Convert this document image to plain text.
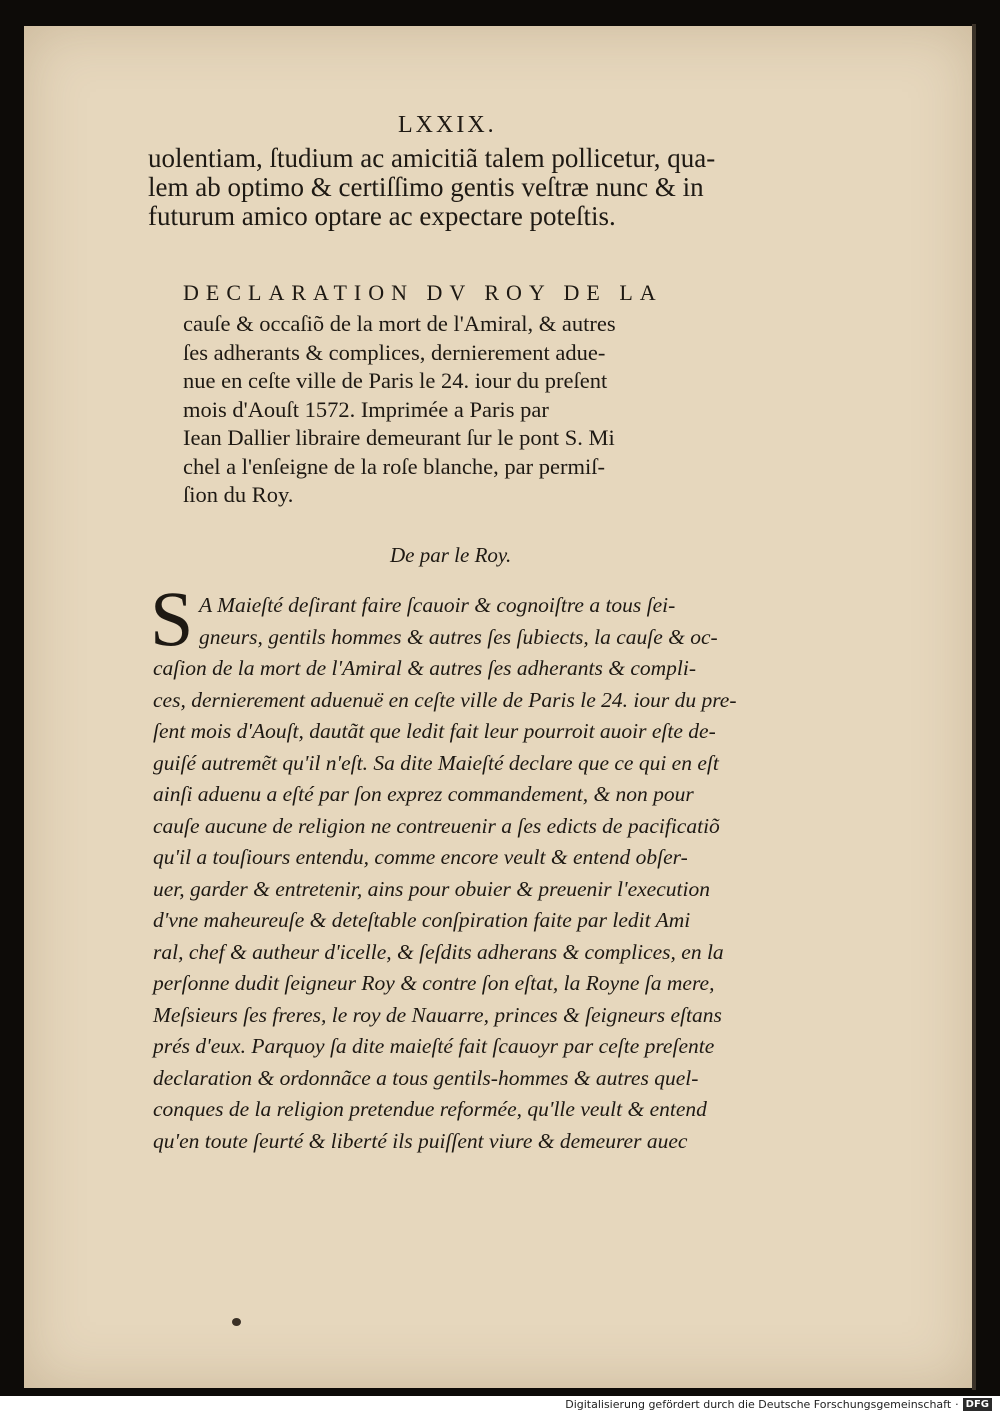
LXXIX.
uolentiam, ſtudium ac amicitiã talem pollicetur, qua-
lem ab optimo & certiſſimo gentis veſtræ nunc & in
futurum amico optare ac expectare poteſtis.
DECLARATION DV ROY DE LA
cauſe & occaſiõ de la mort de l'Amiral, & autres
ſes adherants & complices, dernierement adue-
nue en ceſte ville de Paris le 24. iour du preſent
mois d'Aouſt 1572. Imprimée a Paris par
Iean Dallier libraire demeurant ſur le pont S. Mi
chel a l'enſeigne de la roſe blanche, par permiſ-
ſion du Roy.
De par le Roy.
S A Maieſté deſirant faire ſcauoir & cognoiſtre a tous ſei-
gneurs, gentils hommes & autres ſes ſubiects, la cauſe & oc-
caſion de la mort de l'Amiral & autres ſes adherants & compli-
ces, dernierement aduenuë en ceſte ville de Paris le 24. iour du pre-
ſent mois d'Aouſt, dautãt que ledit fait leur pourroit auoir eſte de-
guiſé autremẽt qu'il n'eſt. Sa dite Maieſté declare que ce qui en eſt
ainſi aduenu a eſté par ſon exprez commandement, & non pour
cauſe aucune de religion ne contreuenir a ſes edicts de pacificatiõ
qu'il a touſiours entendu, comme encore veult & entend obſer-
uer, garder & entretenir, ains pour obuier & preuenir l'execution
d'vne maheureuſe & deteſtable conſpiration faite par ledit Ami
ral, chef & autheur d'icelle, & ſeſdits adherans & complices, en la
perſonne dudit ſeigneur Roy & contre ſon eſtat, la Royne ſa mere,
Meſsieurs ſes freres, le roy de Nauarre, princes & ſeigneurs eſtans
prés d'eux. Parquoy ſa dite maieſté fait ſcauoyr par ceſte preſente
declaration & ordonnãce a tous gentils-hommes & autres quel-
conques de la religion pretendue reformée, qu'lle veult & entend
qu'en toute ſeurté & liberté ils puiſſent viure & demeurer auec
Digitalisierung gefördert durch die Deutsche Forschungsgemeinschaft · DFG
